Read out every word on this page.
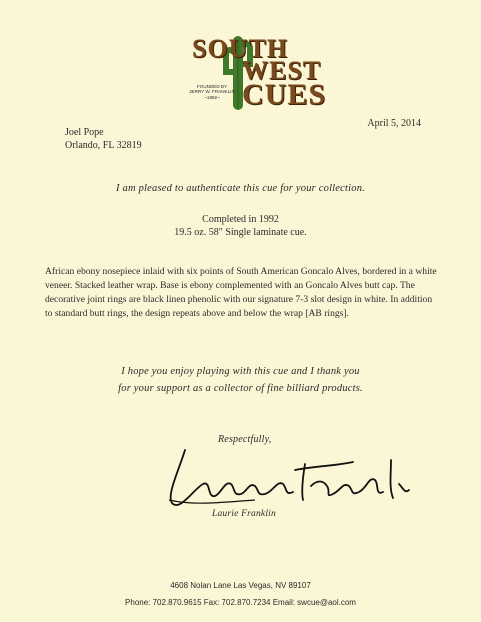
SOUTH
WEST
CUES
FOUNDED BY
JERRY W. FRANKLIN
~1982~
April 5, 2014
Joel Pope
Orlando, FL 32819
I am pleased to authenticate this cue for your collection.
Completed in 1992
19.5 oz. 58" Single laminate cue.
African ebony nosepiece inlaid with six points of South American Goncalo Alves, bordered in a white veneer. Stacked leather wrap. Base is ebony complemented with an Goncalo Alves butt cap. The decorative joint rings are black linen phenolic with our signature 7-3 slot design in white. In addition to standard butt rings, the design repeats above and below the wrap [AB rings].
I hope you enjoy playing with this cue and I thank you
for your support as a collector of fine billiard products.
Respectfully,
Laurie Franklin
4608 Nolan Lane Las Vegas, NV 89107
Phone: 702.870.9615 Fax: 702.870.7234 Email: swcue@aol.com
